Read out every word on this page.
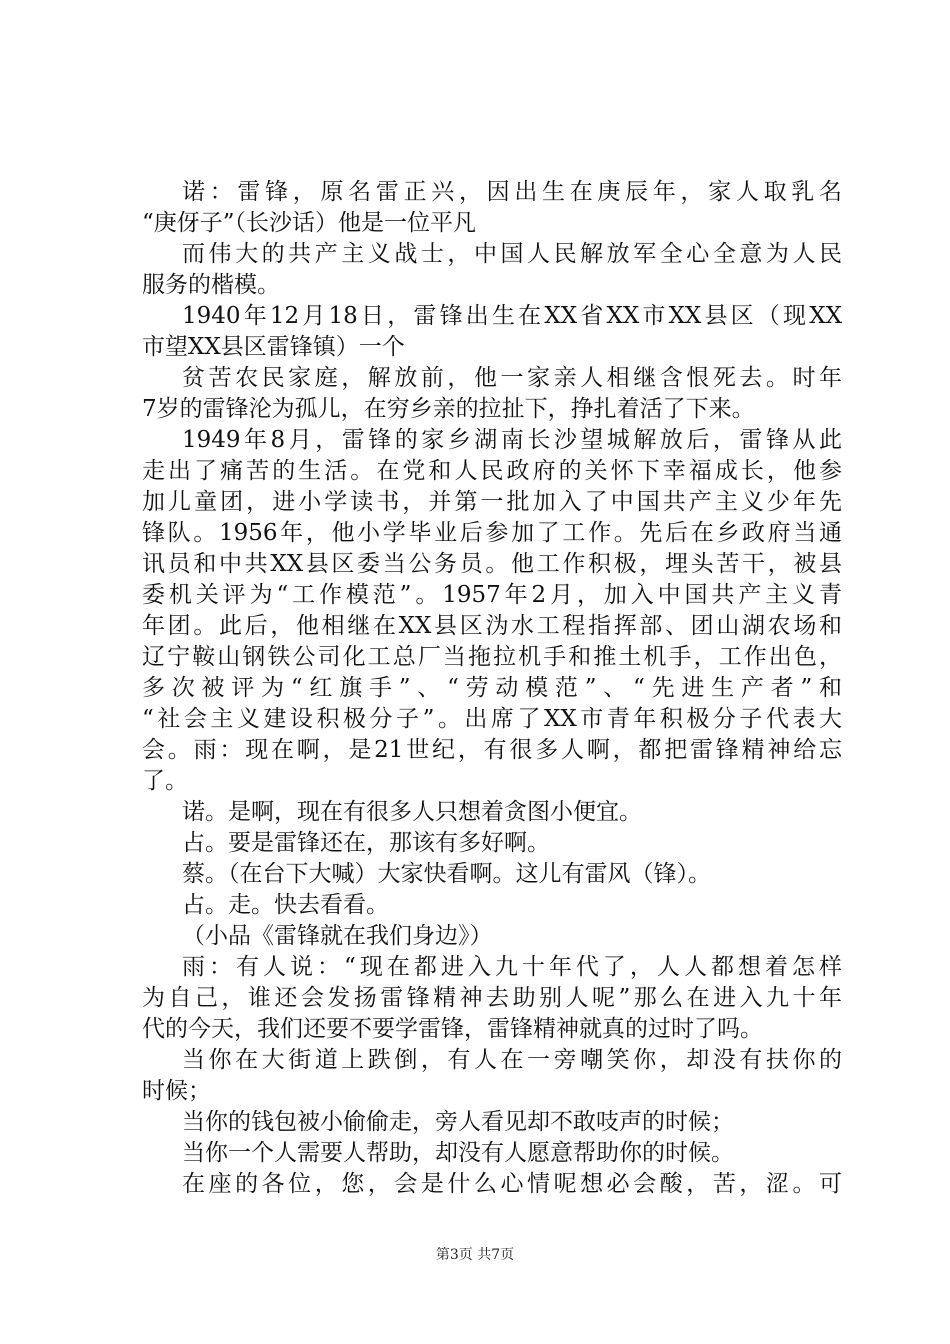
诺：雷锋，原名雷正兴，因出生在庚辰年，家人取乳名
“庚伢子”（长沙话）他是一位平凡
而伟大的共产主义战士，中国人民解放军全心全意为人民
服务的楷模。
1940年12月18日，雷锋出生在XX省XX市XX县区（现XX
市望XX县区雷锋镇）一个
贫苦农民家庭，解放前，他一家亲人相继含恨死去。时年
7岁的雷锋沦为孤儿，在穷乡亲的拉扯下，挣扎着活了下来。
1949年8月，雷锋的家乡湖南长沙望城解放后，雷锋从此
走出了痛苦的生活。在党和人民政府的关怀下幸福成长，他参
加儿童团，进小学读书，并第一批加入了中国共产主义少年先
锋队。1956年，他小学毕业后参加了工作。先后在乡政府当通
讯员和中共XX县区委当公务员。他工作积极，埋头苦干，被县
委机关评为“工作模范”。1957年2月，加入中国共产主义青
年团。此后，他相继在XX县区沩水工程指挥部、团山湖农场和
辽宁鞍山钢铁公司化工总厂当拖拉机手和推土机手，工作出色，
多次被评为“红旗手”、“劳动模范”、“先进生产者”和
“社会主义建设积极分子”。出席了XX市青年积极分子代表大
会。雨：现在啊，是21世纪，有很多人啊，都把雷锋精神给忘
了。
诺。是啊，现在有很多人只想着贪图小便宜。
占。要是雷锋还在，那该有多好啊。
蔡。（在台下大喊）大家快看啊。这儿有雷风（锋）。
占。走。快去看看。
（小品《雷锋就在我们身边》）
雨：有人说：“现在都进入九十年代了，人人都想着怎样
为自己，谁还会发扬雷锋精神去助别人呢”那么在进入九十年
代的今天，我们还要不要学雷锋，雷锋精神就真的过时了吗。
当你在大街道上跌倒，有人在一旁嘲笑你，却没有扶你的
时候；
当你的钱包被小偷偷走，旁人看见却不敢吱声的时候；
当你一个人需要人帮助，却没有人愿意帮助你的时候。
在座的各位，您，会是什么心情呢想必会酸，苦，涩。可
第3页 共7页
